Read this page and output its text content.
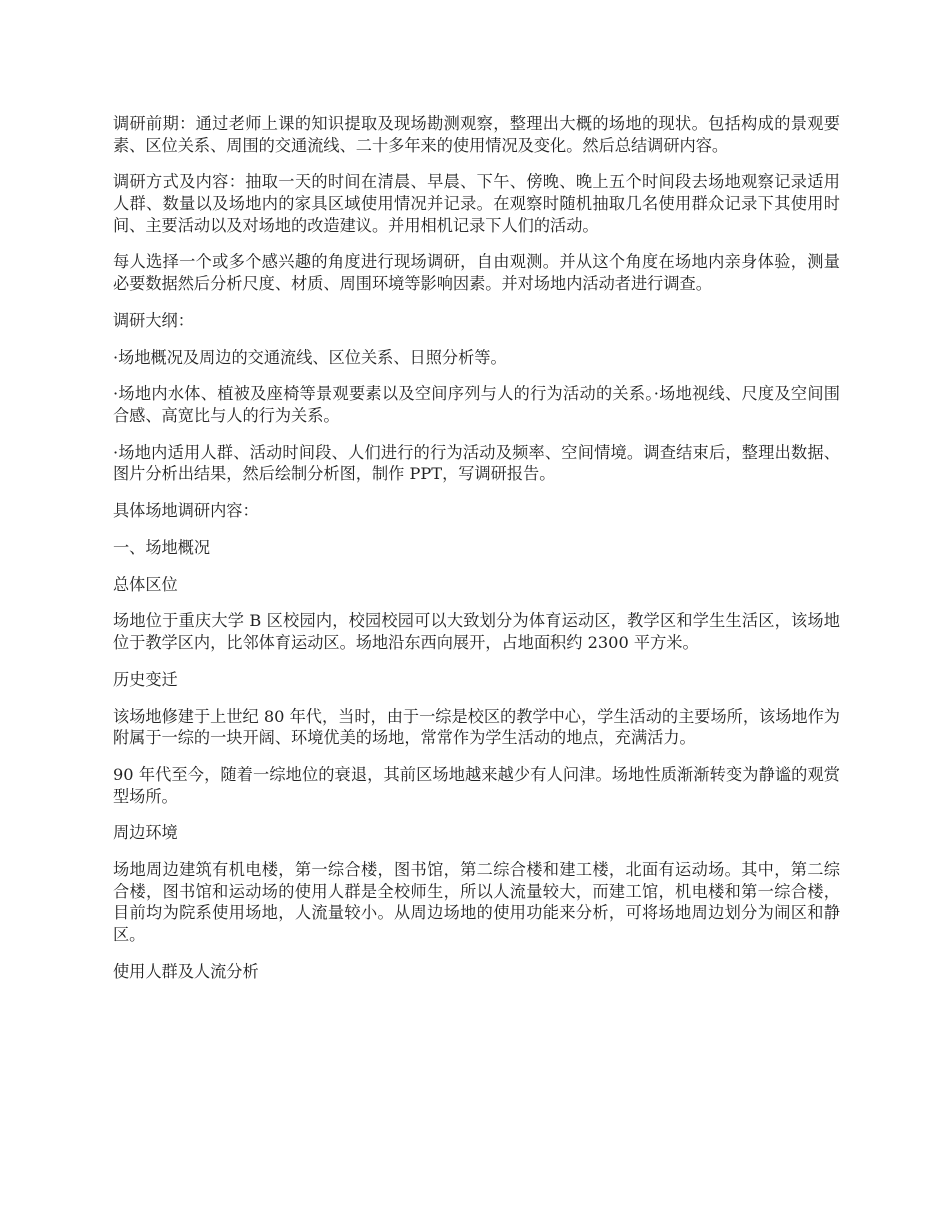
调研前期：通过老师上课的知识提取及现场勘测观察，整理出大概的场地的现状。包括构成的景观要素、区位关系、周围的交通流线、二十多年来的使用情况及变化。然后总结调研内容。

调研方式及内容：抽取一天的时间在清晨、早晨、下午、傍晚、晚上五个时间段去场地观察记录适用人群、数量以及场地内的家具区域使用情况并记录。在观察时随机抽取几名使用群众记录下其使用时间、主要活动以及对场地的改造建议。并用相机记录下人们的活动。

每人选择一个或多个感兴趣的角度进行现场调研，自由观测。并从这个角度在场地内亲身体验，测量必要数据然后分析尺度、材质、周围环境等影响因素。并对场地内活动者进行调查。

调研大纲：

·场地概况及周边的交通流线、区位关系、日照分析等。

·场地内水体、植被及座椅等景观要素以及空间序列与人的行为活动的关系。·场地视线、尺度及空间围合感、高宽比与人的行为关系。

·场地内适用人群、活动时间段、人们进行的行为活动及频率、空间情境。调查结束后，整理出数据、图片分析出结果，然后绘制分析图，制作 PPT，写调研报告。

具体场地调研内容：

一、场地概况

总体区位

场地位于重庆大学 B 区校园内，校园校园可以大致划分为体育运动区，教学区和学生生活区，该场地位于教学区内，比邻体育运动区。场地沿东西向展开，占地面积约 2300 平方米。

历史变迁

该场地修建于上世纪 80 年代，当时，由于一综是校区的教学中心，学生活动的主要场所，该场地作为附属于一综的一块开阔、环境优美的场地，常常作为学生活动的地点，充满活力。

90 年代至今，随着一综地位的衰退，其前区场地越来越少有人问津。场地性质渐渐转变为静谧的观赏型场所。

周边环境

场地周边建筑有机电楼，第一综合楼，图书馆，第二综合楼和建工楼，北面有运动场。其中，第二综合楼，图书馆和运动场的使用人群是全校师生，所以人流量较大，而建工馆，机电楼和第一综合楼，目前均为院系使用场地，人流量较小。从周边场地的使用功能来分析，可将场地周边划分为闹区和静区。

使用人群及人流分析
